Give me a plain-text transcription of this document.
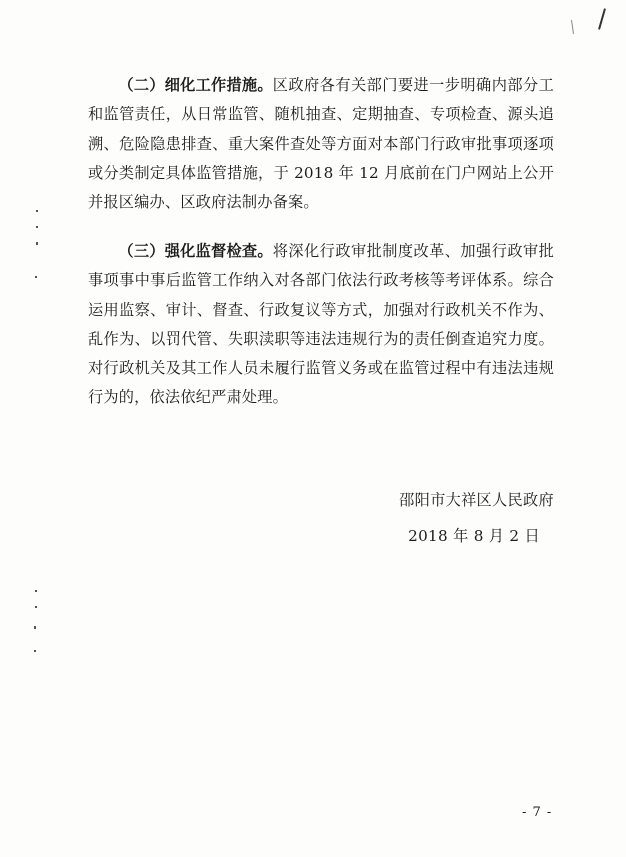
（二）细化工作措施。区政府各有关部门要进一步明确内部分工和监管责任，从日常监管、随机抽查、定期抽查、专项检查、源头追溯、危险隐患排查、重大案件查处等方面对本部门行政审批事项逐项或分类制定具体监管措施，于 2018 年 12 月底前在门户网站上公开并报区编办、区政府法制办备案。

（三）强化监督检查。将深化行政审批制度改革、加强行政审批事项事中事后监管工作纳入对各部门依法行政考核等考评体系。综合运用监察、审计、督查、行政复议等方式，加强对行政机关不作为、乱作为、以罚代管、失职渎职等违法违规行为的责任倒查追究力度。对行政机关及其工作人员未履行监管义务或在监管过程中有违法违规行为的，依法依纪严肃处理。

邵阳市大祥区人民政府
2018 年 8 月 2 日
- 7 -
